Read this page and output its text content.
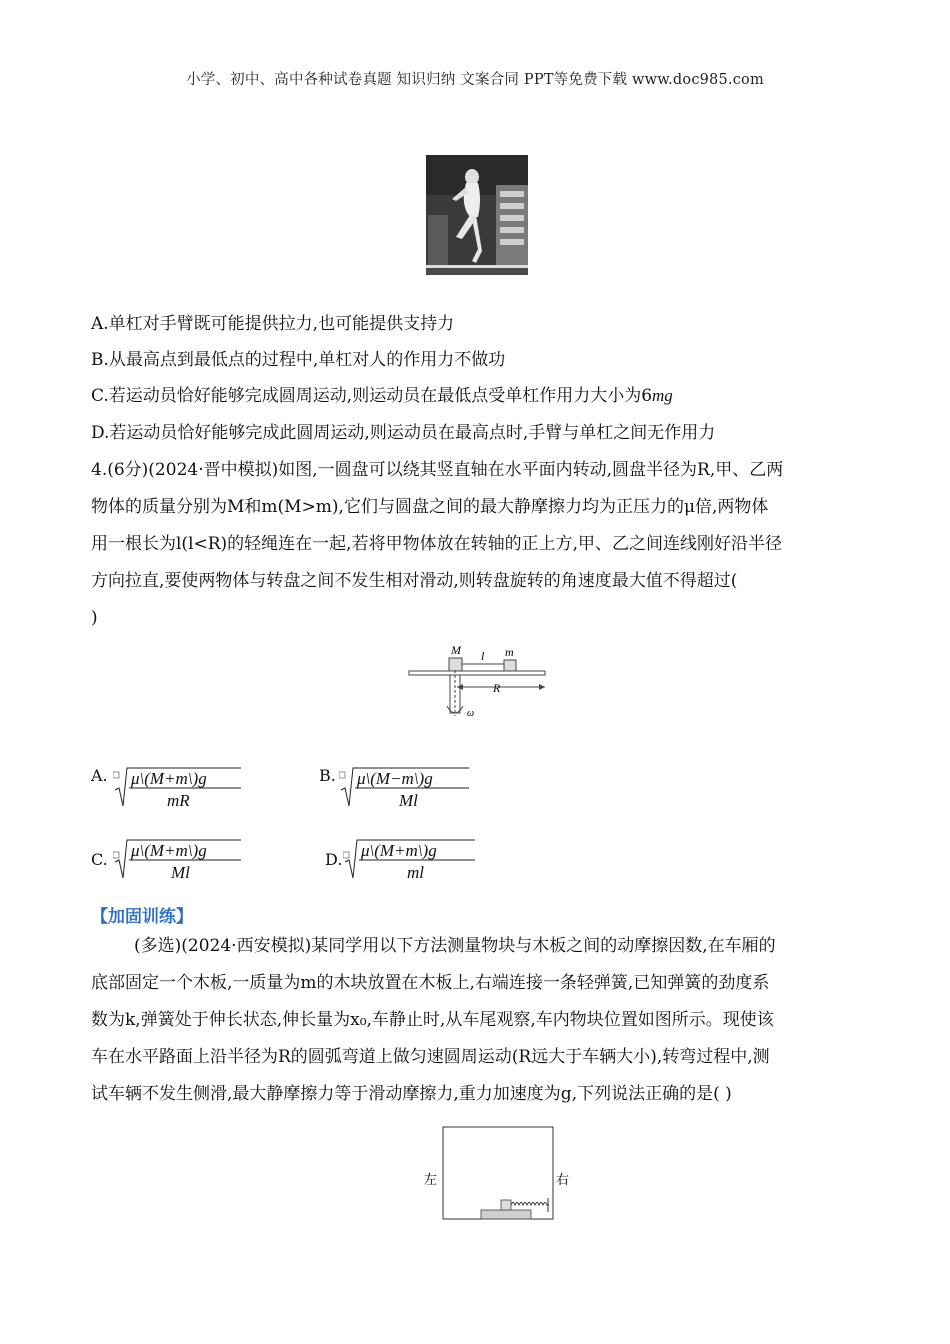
小学、初中、高中各种试卷真题 知识归纳 文案合同 PPT等免费下载 www.doc985.com
A.单杠对手臂既可能提供拉力,也可能提供支持力
B.从最高点到最低点的过程中,单杠对人的作用力不做功
C.若运动员恰好能够完成圆周运动,则运动员在最低点受单杠作用力大小为6mg
D.若运动员恰好能够完成此圆周运动,则运动员在最高点时,手臂与单杠之间无作用力
4.(6分)(2024·晋中模拟)如图,一圆盘可以绕其竖直轴在水平面内转动,圆盘半径为R,甲、乙两
物体的质量分别为M和m(M>m),它们与圆盘之间的最大静摩擦力均为正压力的μ倍,两物体
用一根长为l(l<R)的轻绳连在一起,若将甲物体放在转轴的正上方,甲、乙之间连线刚好沿半径
方向拉直,要使两物体与转盘之间不发生相对滑动,则转盘旋转的角速度最大值不得超过(
)
M l m
R
ω
A. μ\(M+m\)g
mR
B. μ\(M−m\)g
Ml
C. μ\(M+m\)g
Ml
D. μ\(M+m\)g
ml
【加固训练】
(多选)(2024·西安模拟)某同学用以下方法测量物块与木板之间的动摩擦因数,在车厢的
底部固定一个木板,一质量为m的木块放置在木板上,右端连接一条轻弹簧,已知弹簧的劲度系
数为k,弹簧处于伸长状态,伸长量为x₀,车静止时,从车尾观察,车内物块位置如图所示。现使该
车在水平路面上沿半径为R的圆弧弯道上做匀速圆周运动(R远大于车辆大小),转弯过程中,测
试车辆不发生侧滑,最大静摩擦力等于滑动摩擦力,重力加速度为g,下列说法正确的是( )
左	右
